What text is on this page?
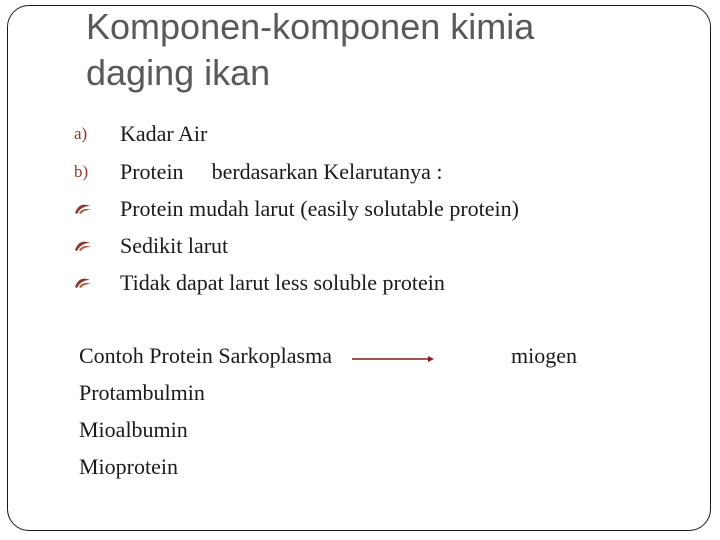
Komponen-komponen kimia daging ikan
a)	Kadar Air
b)	Protein berdasarkan Kelarutanya :
Protein mudah larut (easily solutable protein)
Sedikit larut
Tidak dapat larut less soluble protein
Contoh Protein Sarkoplasma	miogen
Protambulmin
Mioalbumin
Mioprotein
